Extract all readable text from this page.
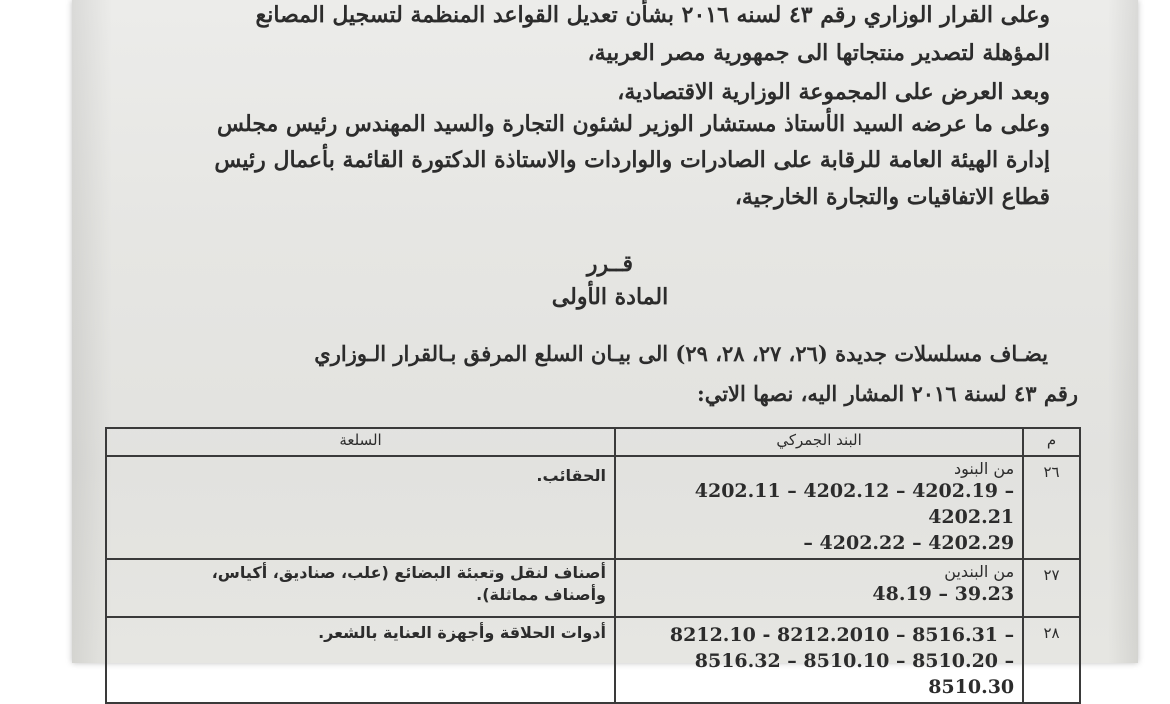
وعلى القرار الوزاري رقم ٤٣ لسنه ٢٠١٦ بشأن تعديل القواعد المنظمة لتسجيل المصانع
المؤهلة لتصدير منتجاتها الى جمهورية مصر العربية،
وبعد العرض على المجموعة الوزارية الاقتصادية،
وعلى ما عرضه السيد الأستاذ مستشار الوزير لشئون التجارة والسيد المهندس رئيس مجلس
إدارة الهيئة العامة للرقابة على الصادرات والواردات والاستاذة الدكتورة القائمة بأعمال رئيس
قطاع الاتفاقيات والتجارة الخارجية،
قــرر
المادة الأولى
يضـاف مسلسلات جديدة (٢٦، ٢٧، ٢٨، ٢٩) الى بيـان السلع المرفق بـالقرار الـوزاري
رقم ٤٣ لسنة ٢٠١٦ المشار اليه، نصها الاتي:
م	البند الجمركي	السلعة

٢٦	من البنود
4202.11 – 4202.12 – 4202.19 – 4202.21
– 4202.22 – 4202.29	الحقائب.

٢٧	من البندين
48.19 – 39.23	أصناف لنقل وتعبئة البضائع (علب، صناديق، أكياس،
وأصناف مماثلة).

٢٨	8212.10 - 8212.2010 – 8516.31 –
8516.32 – 8510.10 – 8510.20 – 8510.30	أدوات الحلاقة وأجهزة العناية بالشعر.
